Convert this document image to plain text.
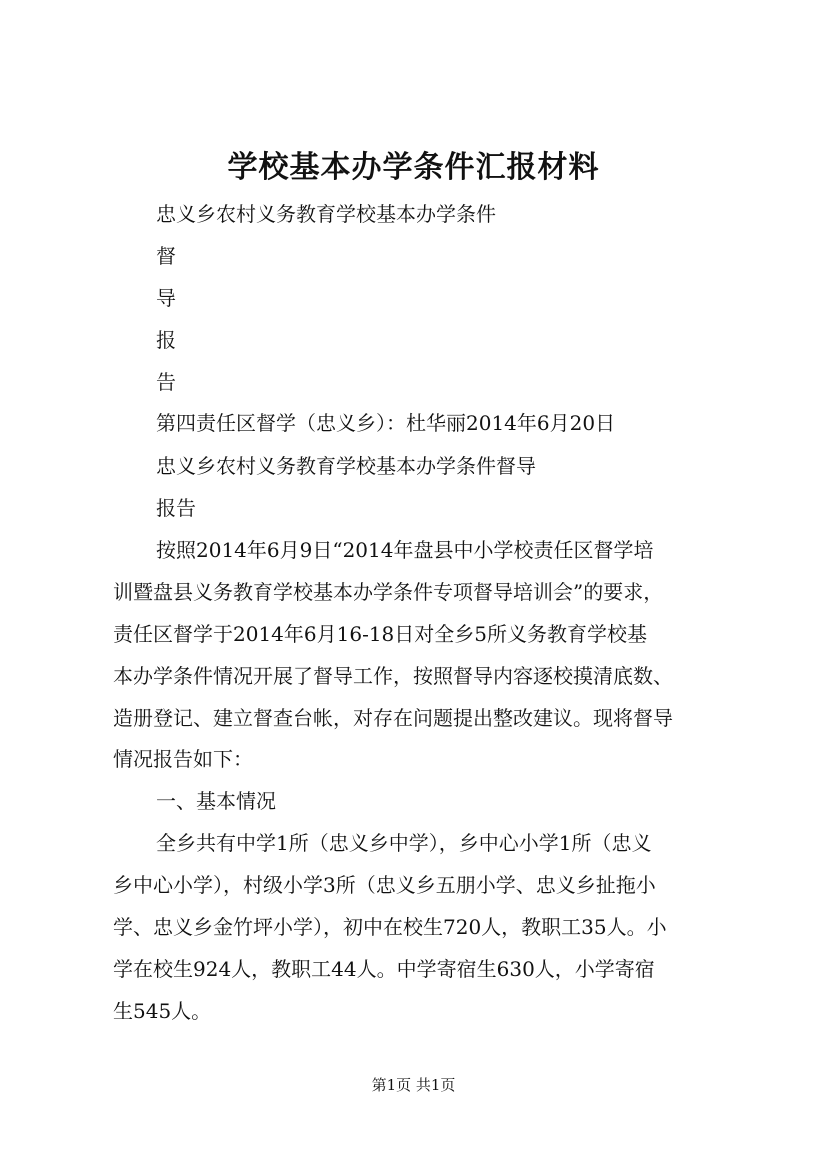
学校基本办学条件汇报材料
忠义乡农村义务教育学校基本办学条件
督
导
报
告
第四责任区督学（忠义乡）：杜华丽2014年6月20日
忠义乡农村义务教育学校基本办学条件督导
报告
按照2014年6月9日“2014年盘县中小学校责任区督学培
训暨盘县义务教育学校基本办学条件专项督导培训会”的要求，
责任区督学于2014年6月16-18日对全乡5所义务教育学校基
本办学条件情况开展了督导工作，按照督导内容逐校摸清底数、
造册登记、建立督查台帐，对存在问题提出整改建议。现将督导
情况报告如下：
一、基本情况
全乡共有中学1所（忠义乡中学），乡中心小学1所（忠义
乡中心小学），村级小学3所（忠义乡五朋小学、忠义乡扯拖小
学、忠义乡金竹坪小学），初中在校生720人，教职工35人。小
学在校生924人，教职工44人。中学寄宿生630人，小学寄宿
生545人。
第1页 共1页
